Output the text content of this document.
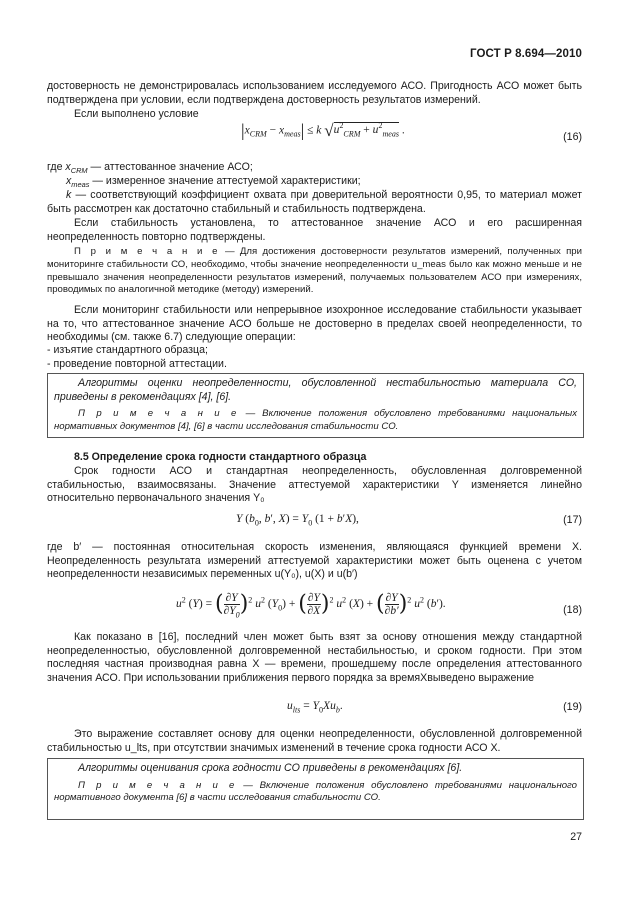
ГОСТ Р 8.694—2010
достоверность не демонстрировалась использованием исследуемого АСО. Пригодность АСО может быть подтверждена при условии, если подтверждена достоверность результатов измерений.
Если выполнено условие
$|x_{CRM} - x_{meas}| \le k$ $√u^2_{CRM} + u^2_{meas}$ .
(16)
где $x_{CRM}$ — аттестованное значение АСО;
$x_{meas}$ — измеренное значение аттестуемой характеристики;
k — соответствующий коэффициент охвата при доверительной вероятности 0,95, то материал может быть рассмотрен как достаточно стабильный и стабильность подтверждена.
Если стабильность установлена, то аттестованное значение АСО и его расширенная неопределенность повторно подтверждены.
П р и м е ч а н и е — Для достижения достоверности результатов измерений, полученных при мониторинге стабильности СО, необходимо, чтобы значение неопределенности u_meas было как можно меньше и не превышало значения неопределенности результатов измерений, получаемых пользователем АСО при измерениях, проводимых по аналогичной методике (методу) измерений.
Если мониторинг стабильности или непрерывное изохронное исследование стабильности указывает на то, что аттестованное значение АСО больше не достоверно в пределах своей неопределенности, то необходимы (см. также 6.7) следующие операции:
- изъятие стандартного образца;
- проведение повторной аттестации.
Алгоритмы оценки неопределенности, обусловленной нестабильностью материала СО, приведены в рекомендациях [4], [6].
П р и м е ч а н и е — Включение положения обусловлено требованиями национальных нормативных документов [4], [6] в части исследования стабильности СО.
8.5 Определение срока годности стандартного образца
Срок годности АСО и стандартная неопределенность, обусловленная долговременной стабильностью, взаимосвязаны. Значение аттестуемой характеристики Y изменяется линейно относительно первоначального значения Y₀
Y ($b_0$, b′, $X) = Y_0$ (1 + b′X),	(17)
где b′ — постоянная относительная скорость изменения, являющаяся функцией времени X. Неопределенность результата измерений аттестуемой характеристики может быть оценена с учетом неопределенности независимых переменных u(Y₀), u(X) и u(b′)
$u^2$ (Y) = ( $\frac{\partial Y}{\partial Y_0} )^2$ $u^2$ $(Y_0)$ + ( $\frac{\partial Y}{\partial X} )^2$ $u^2$ (X) + ( $\frac{\partial Y}{\partial b'} )^2$ $u^2$ (b′).	(18)
Как показано в [16], последний член может быть взят за основу отношения между стандартной неопределенностью, обусловленной долговременной нестабильностью, и сроком годности. При этом последняя частная производная равна X — времени, прошедшему после определения аттестованного значения АСО. При использовании приближения первого порядка за времяXвыведено выражение
$u_{lts} = Y_0Xu_b$.	(19)
Это выражение составляет основу для оценки неопределенности, обусловленной долговременной стабильностью u_lts, при отсутствии значимых изменений в течение срока годности АСО X.
Алгоритмы оценивания срока годности СО приведены в рекомендациях [6].
П р и м е ч а н и е — Включение положения обусловлено требованиями национального нормативного документа [6] в части исследования стабильности СО.
27
